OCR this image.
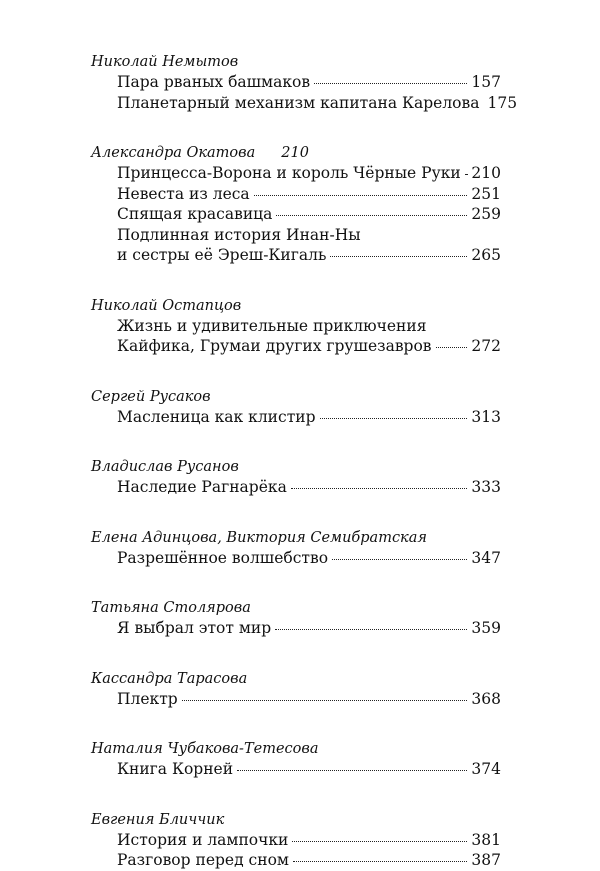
Николай Немытов
Пара рваных башмаков	157
Планетарный механизм капитана Карелова 175
Александра Окатова 210
Принцесса-Ворона и король Чёрные Руки 210
Невеста из леса	251
Спящая красавица	259
Подлинная история Инан-Ны
и сестры её Эреш-Кигаль	265
Николай Остапцов
Жизнь и удивительные приключения
Кайфика, Грумаи других грушезавров	272
Сергей Русаков
Масленица как клистир	313
Владислав Русанов
Наследие Рагнарёка	333
Елена Адинцова, Виктория Семибратская
Разрешённое волшебство	347
Татьяна Столярова
Я выбрал этот мир	359
Кассандра Тарасова
Плектр	368
Наталия Чубакова-Тетесова
Книга Корней	374
Евгения Бличчик
История и лампочки	381
Разговор перед сном	387
